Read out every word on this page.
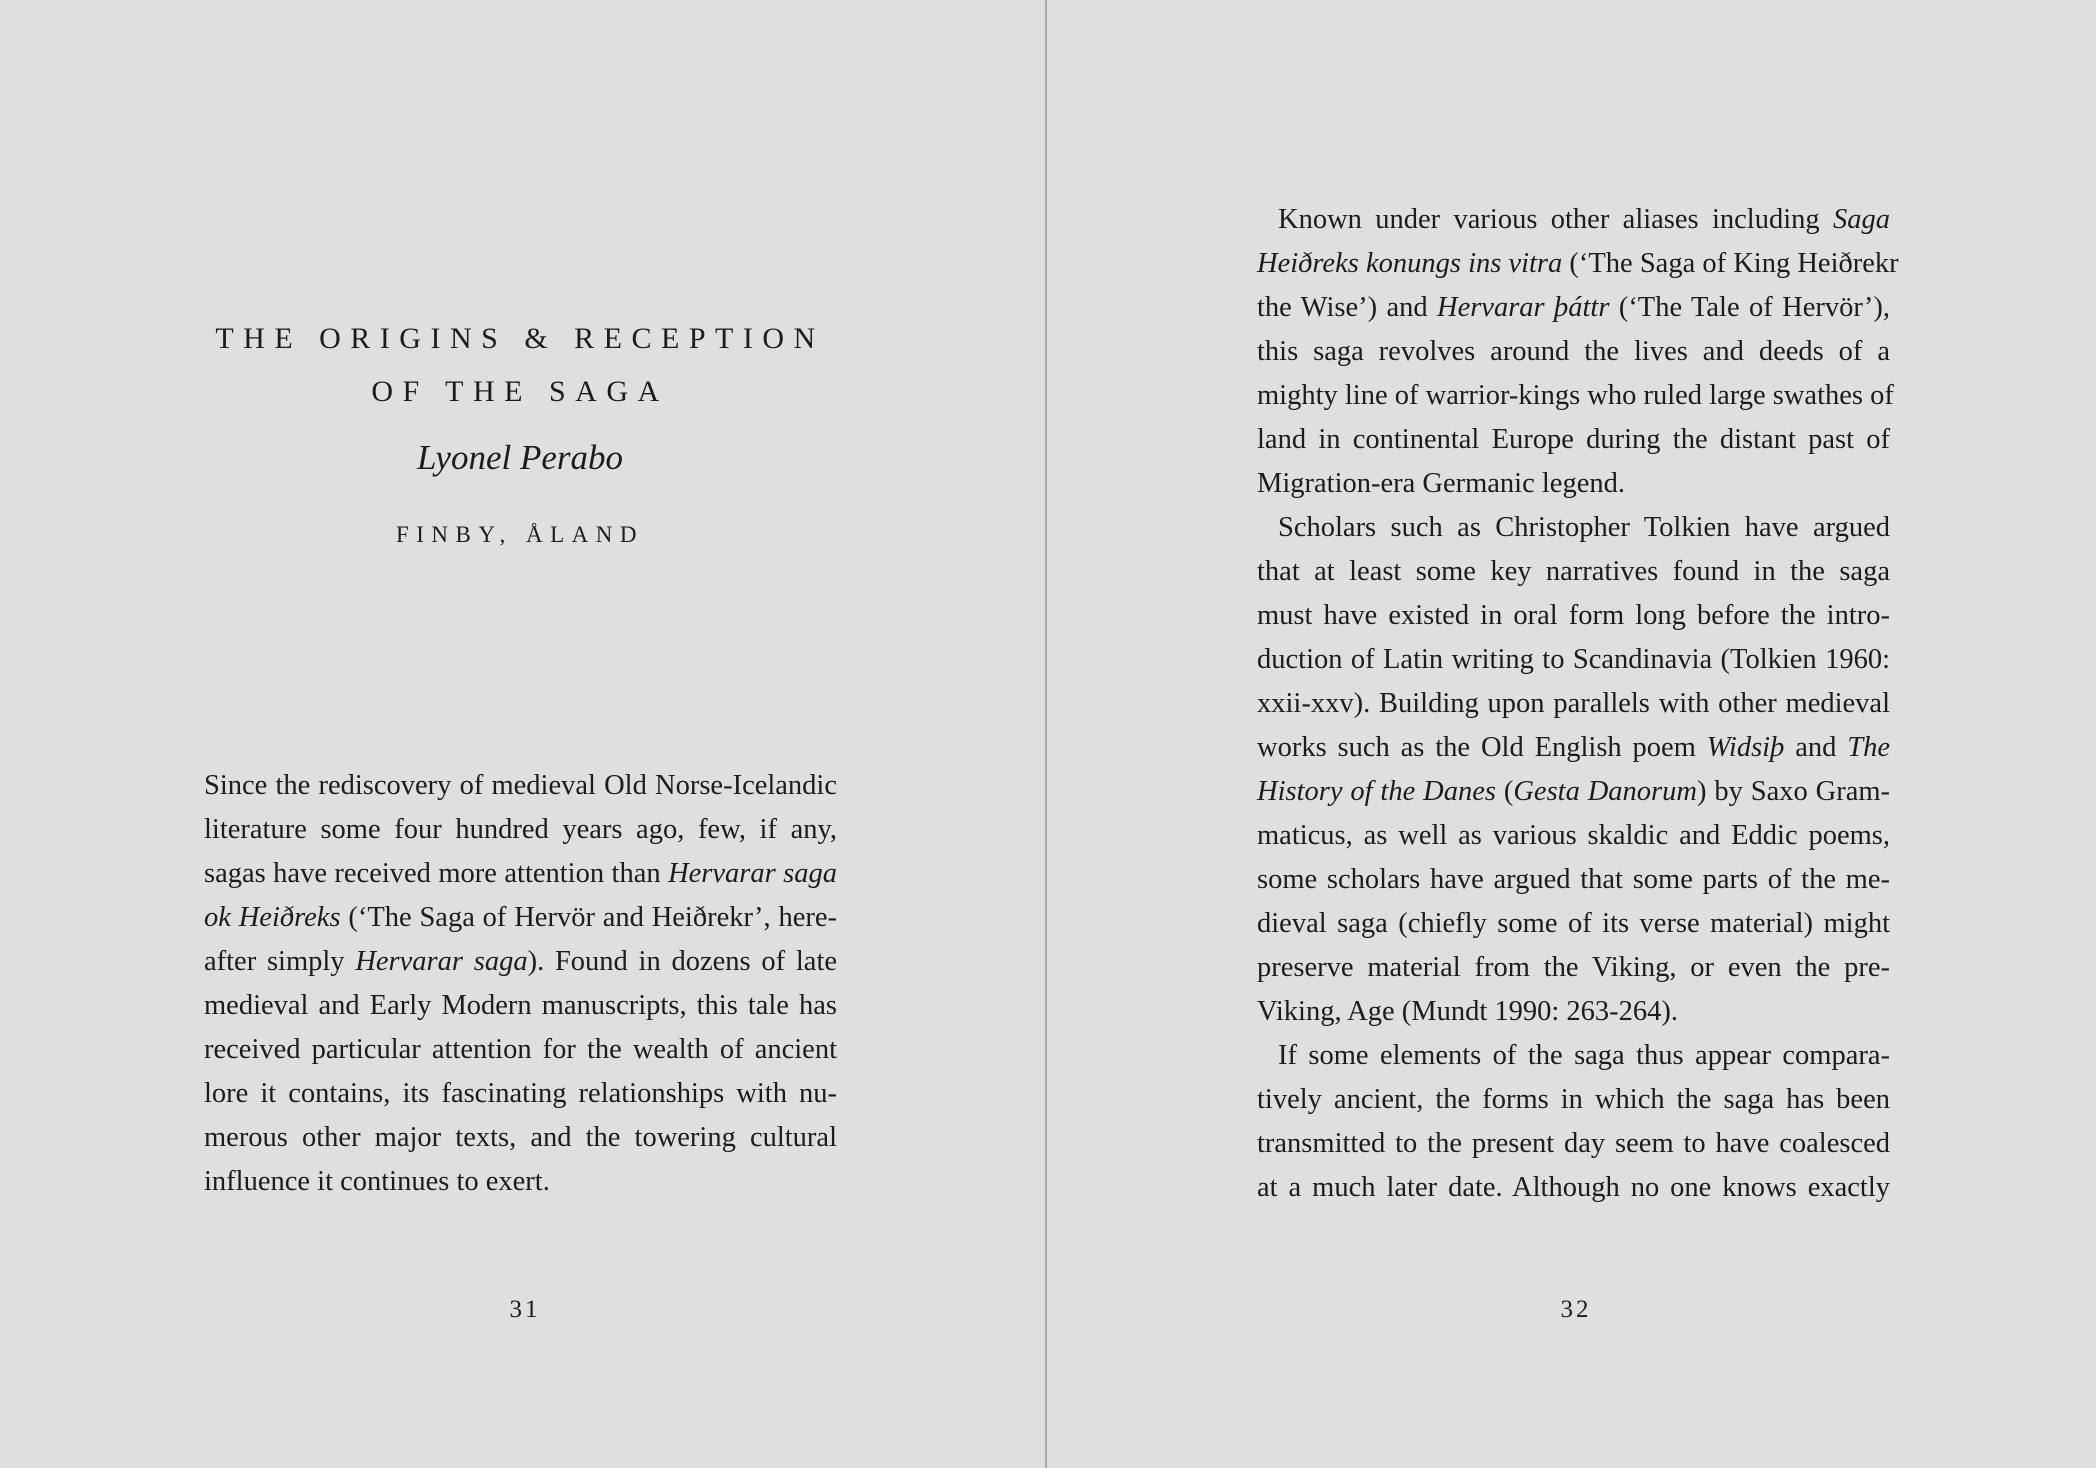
THE ORIGINS & RECEPTION
OF THE SAGA

Lyonel Perabo

FINBY, ÅLAND

Since the rediscovery of medieval Old Norse-Icelandic
literature some four hundred years ago, few, if any,
sagas have received more attention than Hervarar saga
ok Heiðreks (‘The Saga of Hervör and Heiðrekr’, here-
after simply Hervarar saga). Found in dozens of late
medieval and Early Modern manuscripts, this tale has
received particular attention for the wealth of ancient
lore it contains, its fascinating relationships with nu-
merous other major texts, and the towering cultural
influence it continues to exert.

31

Known under various other aliases including Saga
Heiðreks konungs ins vitra (‘The Saga of King Heiðrekr
the Wise’) and Hervarar þáttr (‘The Tale of Hervör’),
this saga revolves around the lives and deeds of a
mighty line of warrior-kings who ruled large swathes of
land in continental Europe during the distant past of
Migration-era Germanic legend.

Scholars such as Christopher Tolkien have argued
that at least some key narratives found in the saga
must have existed in oral form long before the intro-
duction of Latin writing to Scandinavia (Tolkien 1960:
xxii-xxv). Building upon parallels with other medieval
works such as the Old English poem Widsiþ and The
History of the Danes (Gesta Danorum) by Saxo Gram-
maticus, as well as various skaldic and Eddic poems,
some scholars have argued that some parts of the me-
dieval saga (chiefly some of its verse material) might
preserve material from the Viking, or even the pre-
Viking, Age (Mundt 1990: 263-264).

If some elements of the saga thus appear compara-
tively ancient, the forms in which the saga has been
transmitted to the present day seem to have coalesced
at a much later date. Although no one knows exactly

32
